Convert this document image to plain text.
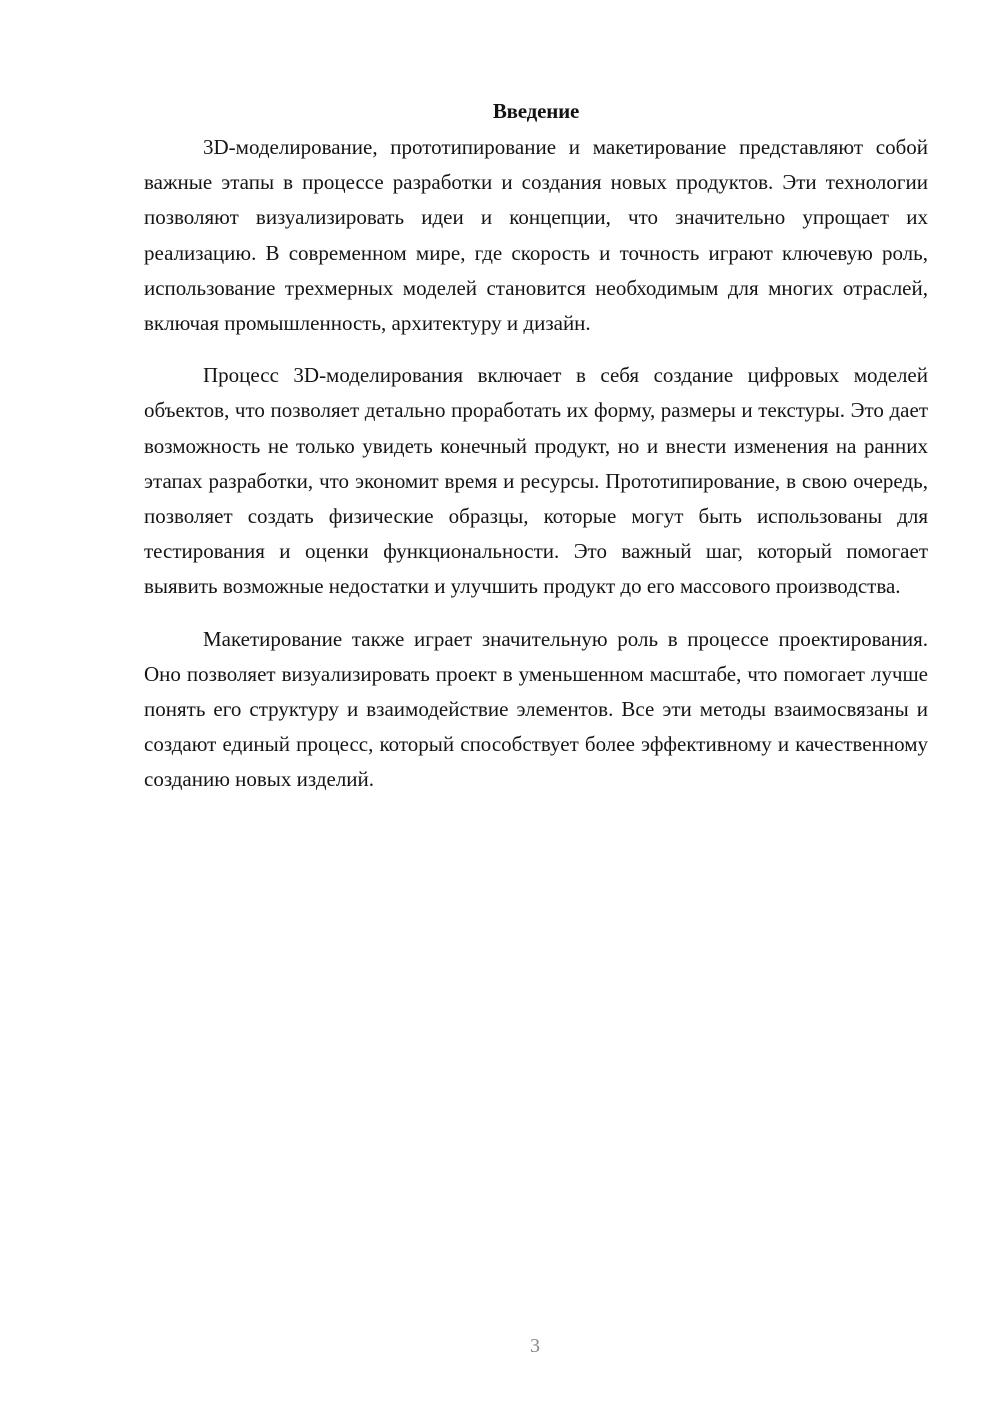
Введение

3D-моделирование, прототипирование и макетирование представляют собой важные этапы в процессе разработки и создания новых продуктов. Эти технологии позволяют визуализировать идеи и концепции, что значительно упрощает их реализацию. В современном мире, где скорость и точность играют ключевую роль, использование трехмерных моделей становится необходимым для многих отраслей, включая промышленность, архитектуру и дизайн.

Процесс 3D-моделирования включает в себя создание цифровых моделей объектов, что позволяет детально проработать их форму, размеры и текстуры. Это дает возможность не только увидеть конечный продукт, но и внести изменения на ранних этапах разработки, что экономит время и ресурсы. Прототипирование, в свою очередь, позволяет создать физические образцы, которые могут быть использованы для тестирования и оценки функциональности. Это важный шаг, который помогает выявить возможные недостатки и улучшить продукт до его массового производства.

Макетирование также играет значительную роль в процессе проектирования. Оно позволяет визуализировать проект в уменьшенном масштабе, что помогает лучше понять его структуру и взаимодействие элементов. Все эти методы взаимосвязаны и создают единый процесс, который способствует более эффективному и качественному созданию новых изделий.

3
